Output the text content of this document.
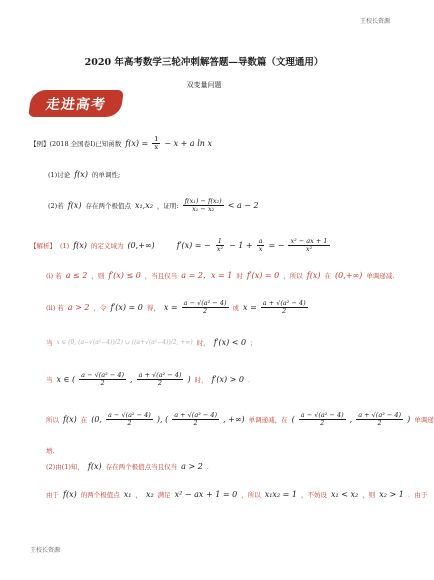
王校长资源
2020 年高考数学三轮冲刺解答题—导数篇（文理通用）
双变量问题
走进高考
【例】(2018 全国卷Ⅰ)已知函数 $f(x) = \frac{1}{x} - x + a$ ln x
(1)讨论 f(x) 的单调性;
(2)若 f(x) 存在两个极值点 x₁,x₂ ，证明: $\frac{\text{f(x₁) − f(x₂)}}{\text{x₁ − x₂}} < a - 2$
【解析】 (1) f(x) 的定义域为 (0,+∞)	f′(x) = − $\frac{1}{\text{x²}} - 1 + \frac{a}{x}$ = − $\frac{\text{x² − ax + 1}}{\text{x²}}$
(i) 若 a ≤ 2 ，则 f′(x) ≤ 0 ，当且仅当 a = 2，x = 1 时 f′(x) = 0 ，所以 f(x) 在 (0,+∞) 单调递减.
(ii) 若 a > 2 ，令 f′(x) = 0 得， $x = \frac{\text{a − √(a² − 4)}}{2}$ 或 $x = \frac{\text{a + √(a² − 4)}}{2}$
当 x ∈ (0, (a−√(a²−4))/2) ∪ ((a+√(a²−4))/2, +∞) 时， f′(x) < 0 ；
当 x ∈ ( $\frac{\text{a − √(a² − 4)}}{2}$ , $\frac{\text{a + √(a² − 4)}}{2}$ ) 时， f′(x) > 0 ．
所以 f(x) 在 (0, $\frac{\text{a − √(a² − 4)}}{2}$ ), ( $\frac{\text{a + √(a² − 4)}}{2}$ , +∞) 单调递减，在 ( $\frac{\text{a − √(a² − 4)}}{2}$ , $\frac{\text{a + √(a² − 4)}}{2}$ ) 单调递
增.
(2)由(1)知， f(x) 存在两个极值点当且仅当 a > 2 .
由于 f(x) 的两个极值点 x₁ ， x₂ 满足 x² − ax + 1 = 0 ，所以 x₁x₂ = 1 ，不妨设 x₁ < x₂ ，则 x₂ > 1 ．由于
王校长资源
